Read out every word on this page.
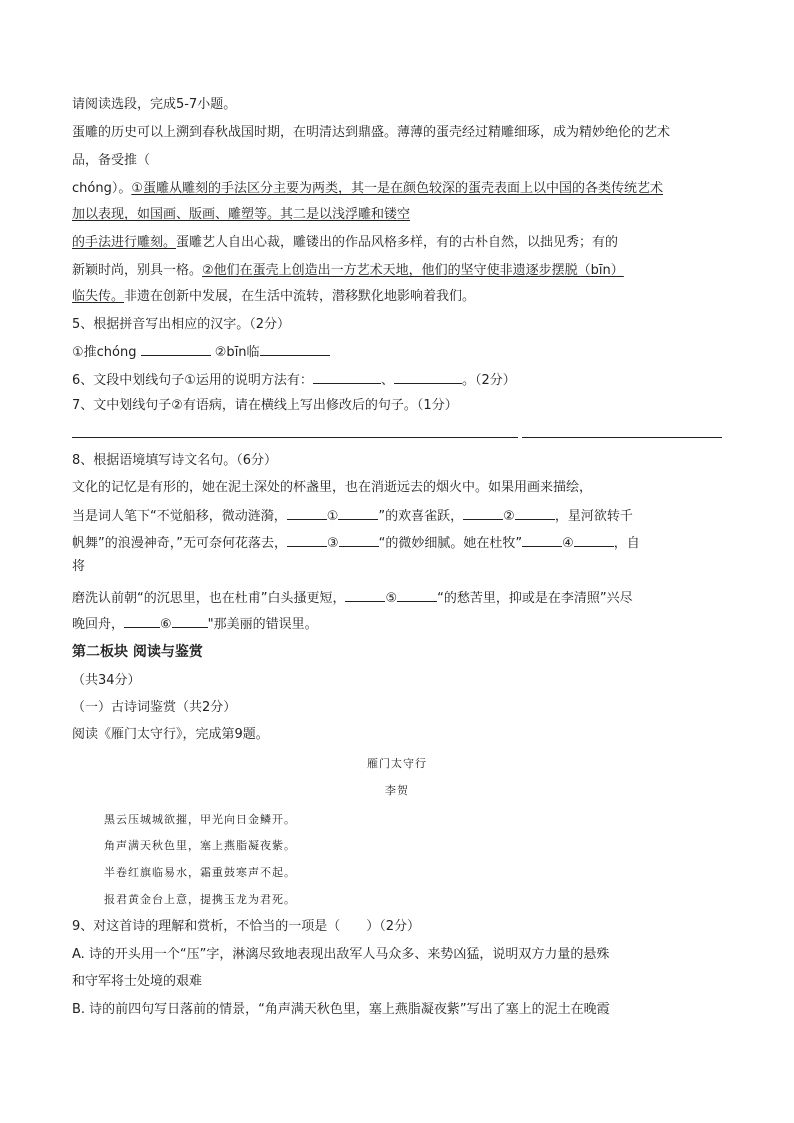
请阅读选段，完成5-7小题。
蛋雕的历史可以上溯到春秋战国时期，在明清达到鼎盛。薄薄的蛋壳经过精雕细琢，成为精妙绝伦的艺术
品，备受推（
chóng）。①蛋雕从雕刻的手法区分主要为两类，其一是在颜色较深的蛋壳表面上以中国的各类传统艺术
加以表现，如国画、版画、雕塑等。其二是以浅浮雕和镂空
的手法进行雕刻。蛋雕艺人自出心裁，雕镂出的作品风格多样，有的古朴自然，以拙见秀；有的
新颖时尚，别具一格。②他们在蛋壳上创造出一方艺术天地，他们的坚守使非遗逐步摆脱（bīn）
临失传。非遗在创新中发展，在生活中流转，潜移默化地影响着我们。
5、根据拼音写出相应的汉字。（2分）
①推chóng	②bīn临
6、文段中划线句子①运用的说明方法有：	、	。（2分）
7、文中划线句子②有语病，请在横线上写出修改后的句子。（1分）
8、根据语境填写诗文名句。（6分）
文化的记忆是有形的，她在泥土深处的杯盏里，也在消逝远去的烟火中。如果用画来描绘，
当是词人笔下“不觉船移，微动涟漪，	①	”的欢喜雀跃，	②	，星河欲转千
帆舞”的浪漫神奇，”无可奈何花落去，	③	“的微妙细腻。她在杜牧”	④	，自
将
磨洗认前朝“的沉思里，也在杜甫”白头搔更短，	⑤	“的愁苦里，抑或是在李清照”兴尽
晚回舟，	⑥	"那美丽的错误里。
第二板块 阅读与鉴赏
（共34分）
（一）古诗词鉴赏（共2分）
阅读《雁门太守行》，完成第9题。
雁门太守行
李贺
黑云压城城欲摧，甲光向日金鳞开。
角声满天秋色里，塞上燕脂凝夜紫。
半卷红旗临易水，霜重鼓寒声不起。
报君黄金台上意，提携玉龙为君死。
9、对这首诗的理解和赏析，不恰当的一项是（　　）（2分）
A. 诗的开头用一个“压”字，淋漓尽致地表现出敌军人马众多、来势凶猛，说明双方力量的悬殊
和守军将士处境的艰难
B. 诗的前四句写日落前的情景，“角声满天秋色里，塞上燕脂凝夜紫”写出了塞上的泥土在晚霞
